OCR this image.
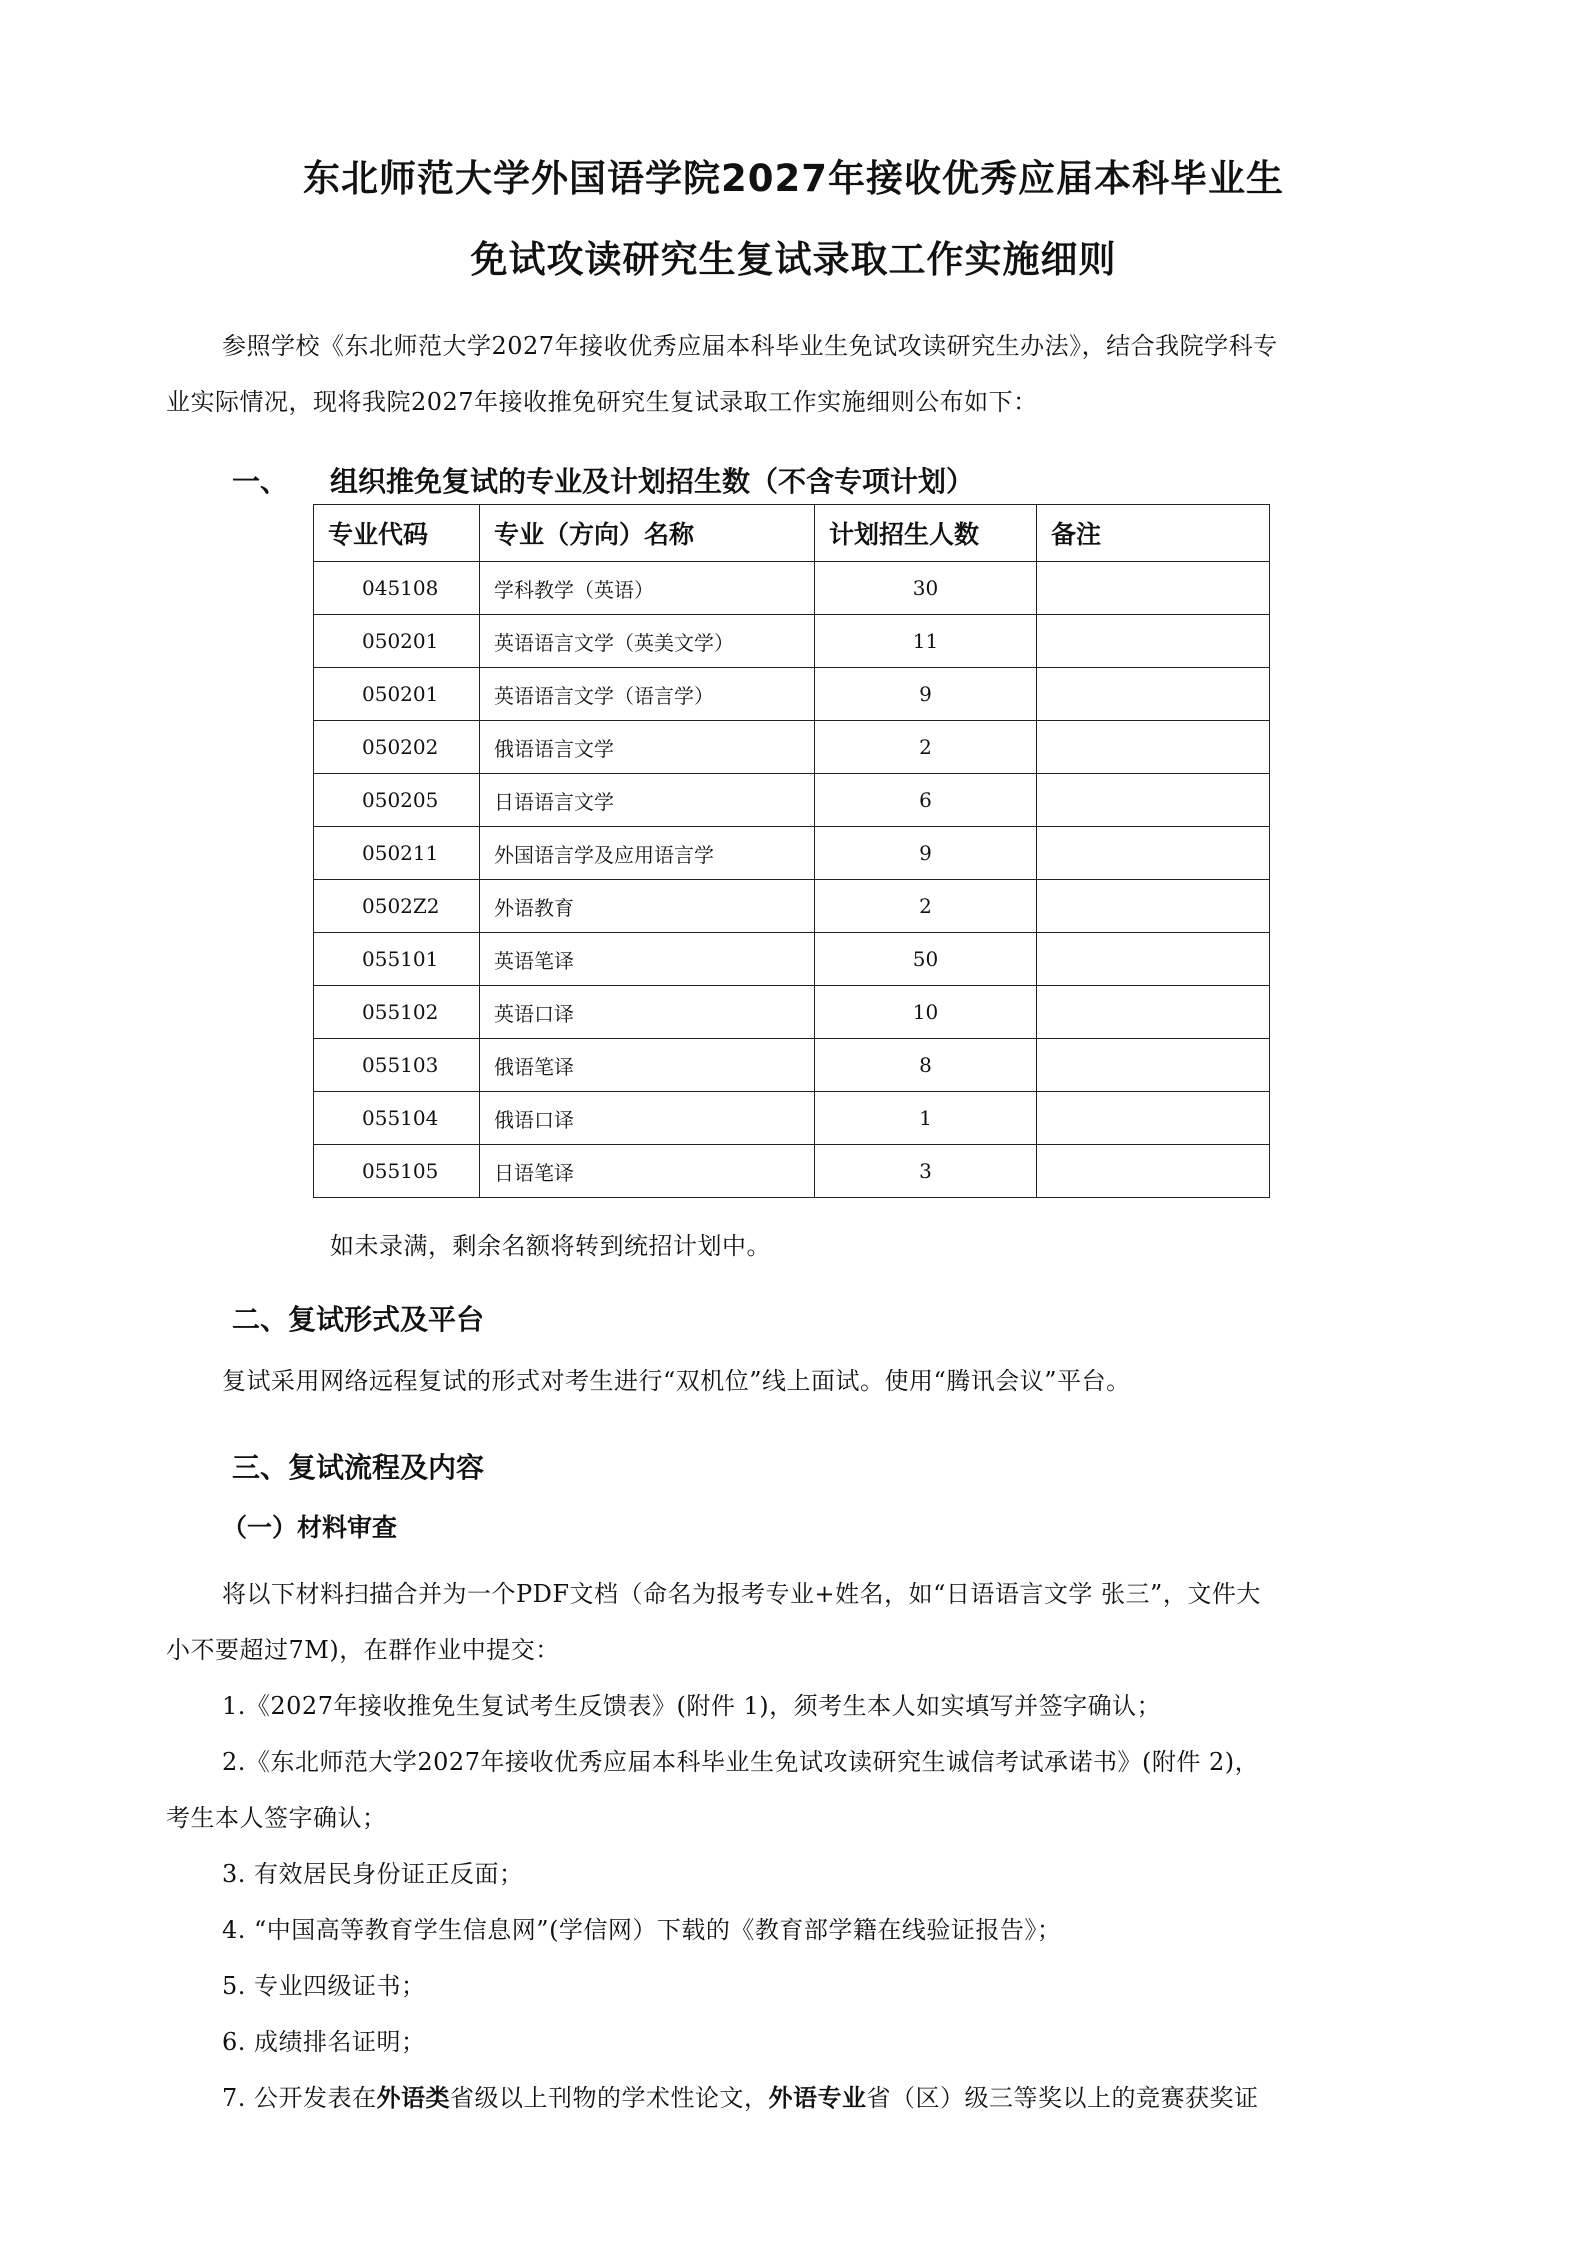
东北师范大学外国语学院2027年接收优秀应届本科毕业生
免试攻读研究生复试录取工作实施细则
参照学校《东北师范大学2027年接收优秀应届本科毕业生免试攻读研究生办法》，结合我院学科专
业实际情况，现将我院2027年接收推免研究生复试录取工作实施细则公布如下：
一、 组织推免复试的专业及计划招生数（不含专项计划）
专业代码	专业（方向）名称	计划招生人数	备注
045108	学科教学（英语）	30	
050201	英语语言文学（英美文学）	11	
050201	英语语言文学（语言学）	9	
050202	俄语语言文学	2	
050205	日语语言文学	6	
050211	外国语言学及应用语言学	9	
0502Z2	外语教育	2	
055101	英语笔译	50	
055102	英语口译	10	
055103	俄语笔译	8	
055104	俄语口译	1	
055105	日语笔译	3	
如未录满，剩余名额将转到统招计划中。
二、复试形式及平台
复试采用网络远程复试的形式对考生进行“双机位”线上面试。使用“腾讯会议”平台。
三、复试流程及内容
（一）材料审查
将以下材料扫描合并为一个PDF文档（命名为报考专业+姓名，如“日语语言文学 张三”，文件大
小不要超过7M)，在群作业中提交：
1.《2027年接收推免生复试考生反馈表》(附件 1)，须考生本人如实填写并签字确认；
2.《东北师范大学2027年接收优秀应届本科毕业生免试攻读研究生诚信考试承诺书》(附件 2)，
考生本人签字确认；
3. 有效居民身份证正反面；
4. “中国高等教育学生信息网”(学信网）下载的《教育部学籍在线验证报告》；
5. 专业四级证书；
6. 成绩排名证明；
7. 公开发表在外语类省级以上刊物的学术性论文，外语专业省（区）级三等奖以上的竞赛获奖证
